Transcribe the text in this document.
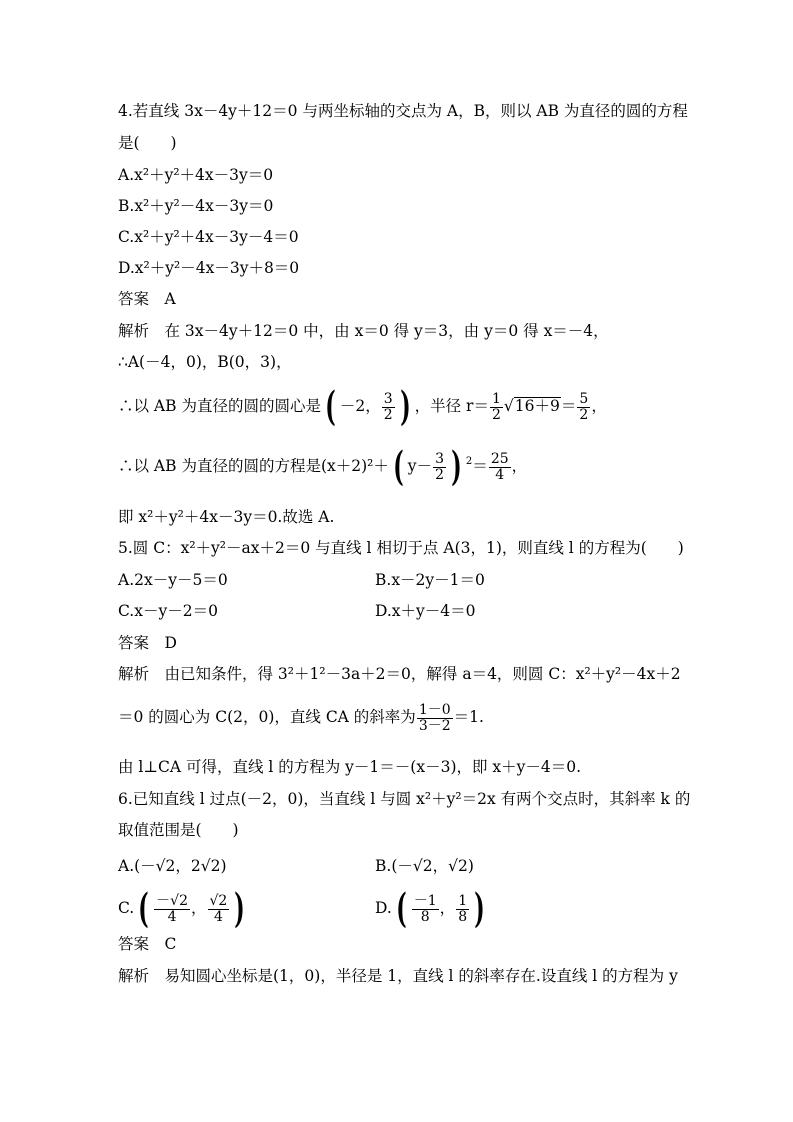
4.若直线 3x－4y＋12＝0 与两坐标轴的交点为 A，B，则以 AB 为直径的圆的方程
是(　　)
A.x²＋y²＋4x－3y＝0
B.x²＋y²－4x－3y＝0
C.x²＋y²＋4x－3y－4＝0
D.x²＋y²－4x－3y＋8＝0
答案　A
解析　在 3x－4y＋12＝0 中，由 x＝0 得 y＝3，由 y＝0 得 x＝－4，
∴A(－4，0)，B(0，3)，
∴以 AB 为直径的圆的圆心是 ( －2， $\frac{3}{2}$ ) ，半径 $r= \frac{1}{2} √16+9= \frac{5}{2}$ ，
∴以 AB 为直径的圆的方程是(x＋2)²＋ ( $y- \frac{3}{2}$ ) $^2= \frac{25}{4}$ ，
即 x²＋y²＋4x－3y＝0.故选 A.
5.圆 C：x²＋y²－ax＋2＝0 与直线 l 相切于点 A(3，1)，则直线 l 的方程为(　　)
A.2x－y－5＝0	B.x－2y－1＝0
C.x－y－2＝0	D.x＋y－4＝0
答案　D
解析　由已知条件，得 3²＋1²－3a＋2＝0，解得 a＝4，则圆 C：x²＋y²－4x＋2
＝0 的圆心为 C(2，0)，直线 CA 的斜率为 $\frac{1-0}{3-2} =1$.
由 l⊥CA 可得，直线 l 的方程为 y－1＝－(x－3)，即 x＋y－4＝0.
6.已知直线 l 过点(－2，0)，当直线 l 与圆 x²＋y²＝2x 有两个交点时，其斜率 k 的
取值范围是(　　)
A.(－√2，2√2)	B.(－√2，√2)
C. ( $\frac{-√2}{4}$ ， $\frac{√2}{4}$ )	D. ( $\frac{-1}{8}$ ， $\frac{1}{8}$ )
答案　C
解析　易知圆心坐标是(1，0)，半径是 1，直线 l 的斜率存在.设直线 l 的方程为 y
